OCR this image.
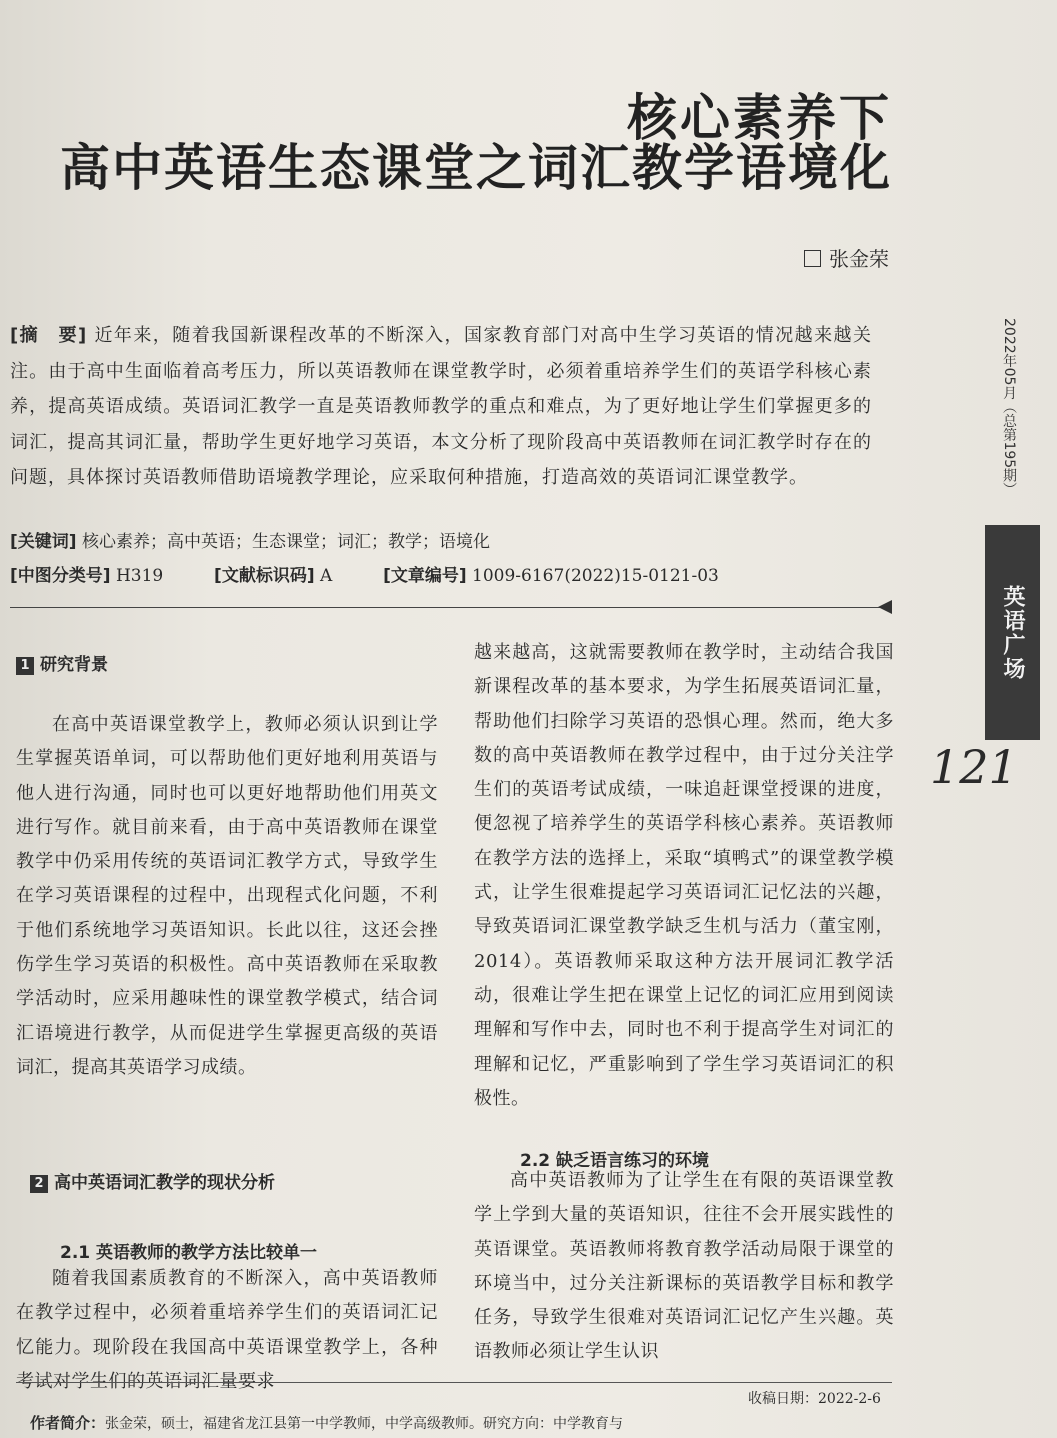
核心素养下
高中英语生态课堂之词汇教学语境化
张金荣
[摘　要] 近年来，随着我国新课程改革的不断深入，国家教育部门对高中生学习英语的情况越来越关注。由于高中生面临着高考压力，所以英语教师在课堂教学时，必须着重培养学生们的英语学科核心素养，提高英语成绩。英语词汇教学一直是英语教师教学的重点和难点，为了更好地让学生们掌握更多的词汇，提高其词汇量，帮助学生更好地学习英语，本文分析了现阶段高中英语教师在词汇教学时存在的问题，具体探讨英语教师借助语境教学理论，应采取何种措施，打造高效的英语词汇课堂教学。
[关键词] 核心素养；高中英语；生态课堂；词汇；教学；语境化
[中图分类号] H319	[文献标识码] A	[文章编号] 1009-6167(2022)15-0121-03
1 研究背景

在高中英语课堂教学上，教师必须认识到让学生掌握英语单词，可以帮助他们更好地利用英语与他人进行沟通，同时也可以更好地帮助他们用英文进行写作。就目前来看，由于高中英语教师在课堂教学中仍采用传统的英语词汇教学方式，导致学生在学习英语课程的过程中，出现程式化问题，不利于他们系统地学习英语知识。长此以往，这还会挫伤学生学习英语的积极性。高中英语教师在采取教学活动时，应采用趣味性的课堂教学模式，结合词汇语境进行教学，从而促进学生掌握更高级的英语词汇，提高其英语学习成绩。

2 高中英语词汇教学的现状分析
2.1 英语教师的教学方法比较单一

随着我国素质教育的不断深入，高中英语教师在教学过程中，必须着重培养学生们的英语词汇记忆能力。现阶段在我国高中英语课堂教学上，各种考试对学生们的英语词汇量要求

越来越高，这就需要教师在教学时，主动结合我国新课程改革的基本要求，为学生拓展英语词汇量，帮助他们扫除学习英语的恐惧心理。然而，绝大多数的高中英语教师在教学过程中，由于过分关注学生们的英语考试成绩，一味追赶课堂授课的进度，便忽视了培养学生的英语学科核心素养。英语教师在教学方法的选择上，采取“填鸭式”的课堂教学模式，让学生很难提起学习英语词汇记忆法的兴趣，导致英语词汇课堂教学缺乏生机与活力（董宝刚，2014）。英语教师采取这种方法开展词汇教学活动，很难让学生把在课堂上记忆的词汇应用到阅读理解和写作中去，同时也不利于提高学生对词汇的理解和记忆，严重影响到了学生学习英语词汇的积极性。

2.2 缺乏语言练习的环境

高中英语教师为了让学生在有限的英语课堂教学上学到大量的英语知识，往往不会开展实践性的英语课堂。英语教师将教育教学活动局限于课堂的环境当中，过分关注新课标的英语教学目标和教学任务，导致学生很难对英语词汇记忆产生兴趣。英语教师必须让学生认识

2022年05月（总第195期）
英语广场
121
收稿日期：2022-2-6
作者简介：张金荣，硕士，福建省龙江县第一中学教师，中学高级教师。研究方向：中学教育与
